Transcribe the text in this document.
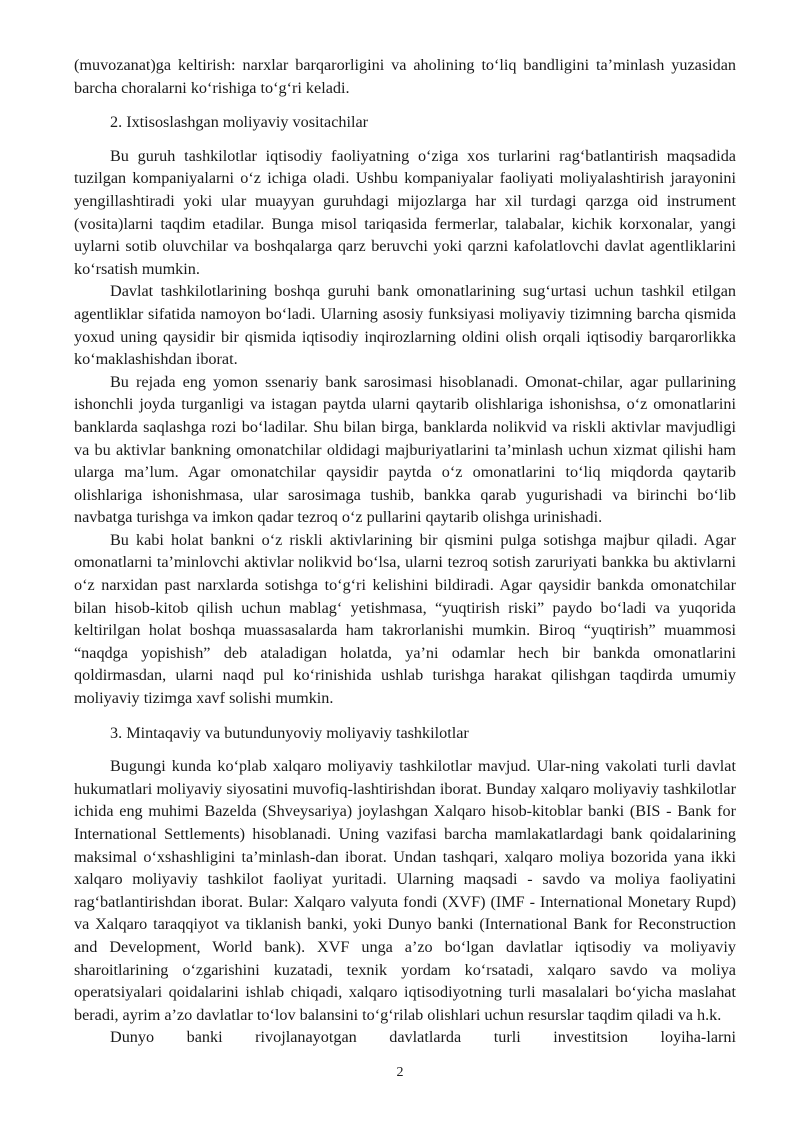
(muvozanat)ga keltirish: narxlar barqarorligini va aholining to‘liq bandligini ta’minlash yuzasidan barcha choralarni ko‘rishiga to‘g‘ri keladi.

2. Ixtisoslashgan moliyaviy vositachilar

Bu guruh tashkilotlar iqtisodiy faoliyatning o‘ziga xos turlarini rag‘batlantirish maqsadida tuzilgan kompaniyalarni o‘z ichiga oladi. Ushbu kompaniyalar faoliyati moliyalashtirish jarayonini yengillashtiradi yoki ular muayyan guruhdagi mijozlarga har xil turdagi qarzga oid instrument (vosita)larni taqdim etadilar. Bunga misol tariqasida fermerlar, talabalar, kichik korxonalar, yangi uylarni sotib oluvchilar va boshqalarga qarz beruvchi yoki qarzni kafolatlovchi davlat agentliklarini ko‘rsatish mumkin.

Davlat tashkilotlarining boshqa guruhi bank omonatlarining sug‘urtasi uchun tashkil etilgan agentliklar sifatida namoyon bo‘ladi. Ularning asosiy funksiyasi moliyaviy tizimning barcha qismida yoxud uning qaysidir bir qismida iqtisodiy inqirozlarning oldini olish orqali iqtisodiy barqarorlikka ko‘maklashishdan iborat.

Bu rejada eng yomon ssenariy bank sarosimasi hisoblanadi. Omonat-chilar, agar pullarining ishonchli joyda turganligi va istagan paytda ularni qaytarib olishlariga ishonishsa, o‘z omonatlarini banklarda saqlashga rozi bo‘ladilar. Shu bilan birga, banklarda nolikvid va riskli aktivlar mavjudligi va bu aktivlar bankning omonatchilar oldidagi majburiyatlarini ta’minlash uchun xizmat qilishi ham ularga ma’lum. Agar omonatchilar qaysidir paytda o‘z omonatlarini to‘liq miqdorda qaytarib olishlariga ishonishmasa, ular sarosimaga tushib, bankka qarab yugurishadi va birinchi bo‘lib navbatga turishga va imkon qadar tezroq o‘z pullarini qaytarib olishga urinishadi.

Bu kabi holat bankni o‘z riskli aktivlarining bir qismini pulga sotishga majbur qiladi. Agar omonatlarni ta’minlovchi aktivlar nolikvid bo‘lsa, ularni tezroq sotish zaruriyati bankka bu aktivlarni o‘z narxidan past narxlarda sotishga to‘g‘ri kelishini bildiradi. Agar qaysidir bankda omonatchilar bilan hisob-kitob qilish uchun mablag‘ yetishmasa, “yuqtirish riski” paydo bo‘ladi va yuqorida keltirilgan holat boshqa muassasalarda ham takrorlanishi mumkin. Biroq “yuqtirish” muammosi “naqdga yopishish” deb ataladigan holatda, ya’ni odamlar hech bir bankda omonatlarini qoldirmasdan, ularni naqd pul ko‘rinishida ushlab turishga harakat qilishgan taqdirda umumiy moliyaviy tizimga xavf solishi mumkin.

3. Mintaqaviy va butundunyoviy moliyaviy tashkilotlar

Bugungi kunda ko‘plab xalqaro moliyaviy tashkilotlar mavjud. Ular-ning vakolati turli davlat hukumatlari moliyaviy siyosatini muvofiq-lashtirishdan iborat. Bunday xalqaro moliyaviy tashkilotlar ichida eng muhimi Bazelda (Shveysariya) joylashgan Xalqaro hisob-kitoblar banki (BIS - Bank for International Settlements) hisoblanadi. Uning vazifasi barcha mamlakatlardagi bank qoidalarining maksimal o‘xshashligini ta’minlash-dan iborat. Undan tashqari, xalqaro moliya bozorida yana ikki xalqaro moliyaviy tashkilot faoliyat yuritadi. Ularning maqsadi - savdo va moliya faoliyatini rag‘batlantirishdan iborat. Bular: Xalqaro valyuta fondi (XVF) (IMF - International Monetary Rupd) va Xalqaro taraqqiyot va tiklanish banki, yoki Dunyo banki (International Bank for Reconstruction and Development, World bank). XVF unga a’zo bo‘lgan davlatlar iqtisodiy va moliyaviy sharoitlarining o‘zgarishini kuzatadi, texnik yordam ko‘rsatadi, xalqaro savdo va moliya operatsiyalari qoidalarini ishlab chiqadi, xalqaro iqtisodiyotning turli masalalari bo‘yicha maslahat beradi, ayrim a’zo davlatlar to‘lov balansini to‘g‘rilab olishlari uchun resurslar taqdim qiladi va h.k.

Dunyo banki rivojlanayotgan davlatlarda turli investitsion loyiha-larni

2
